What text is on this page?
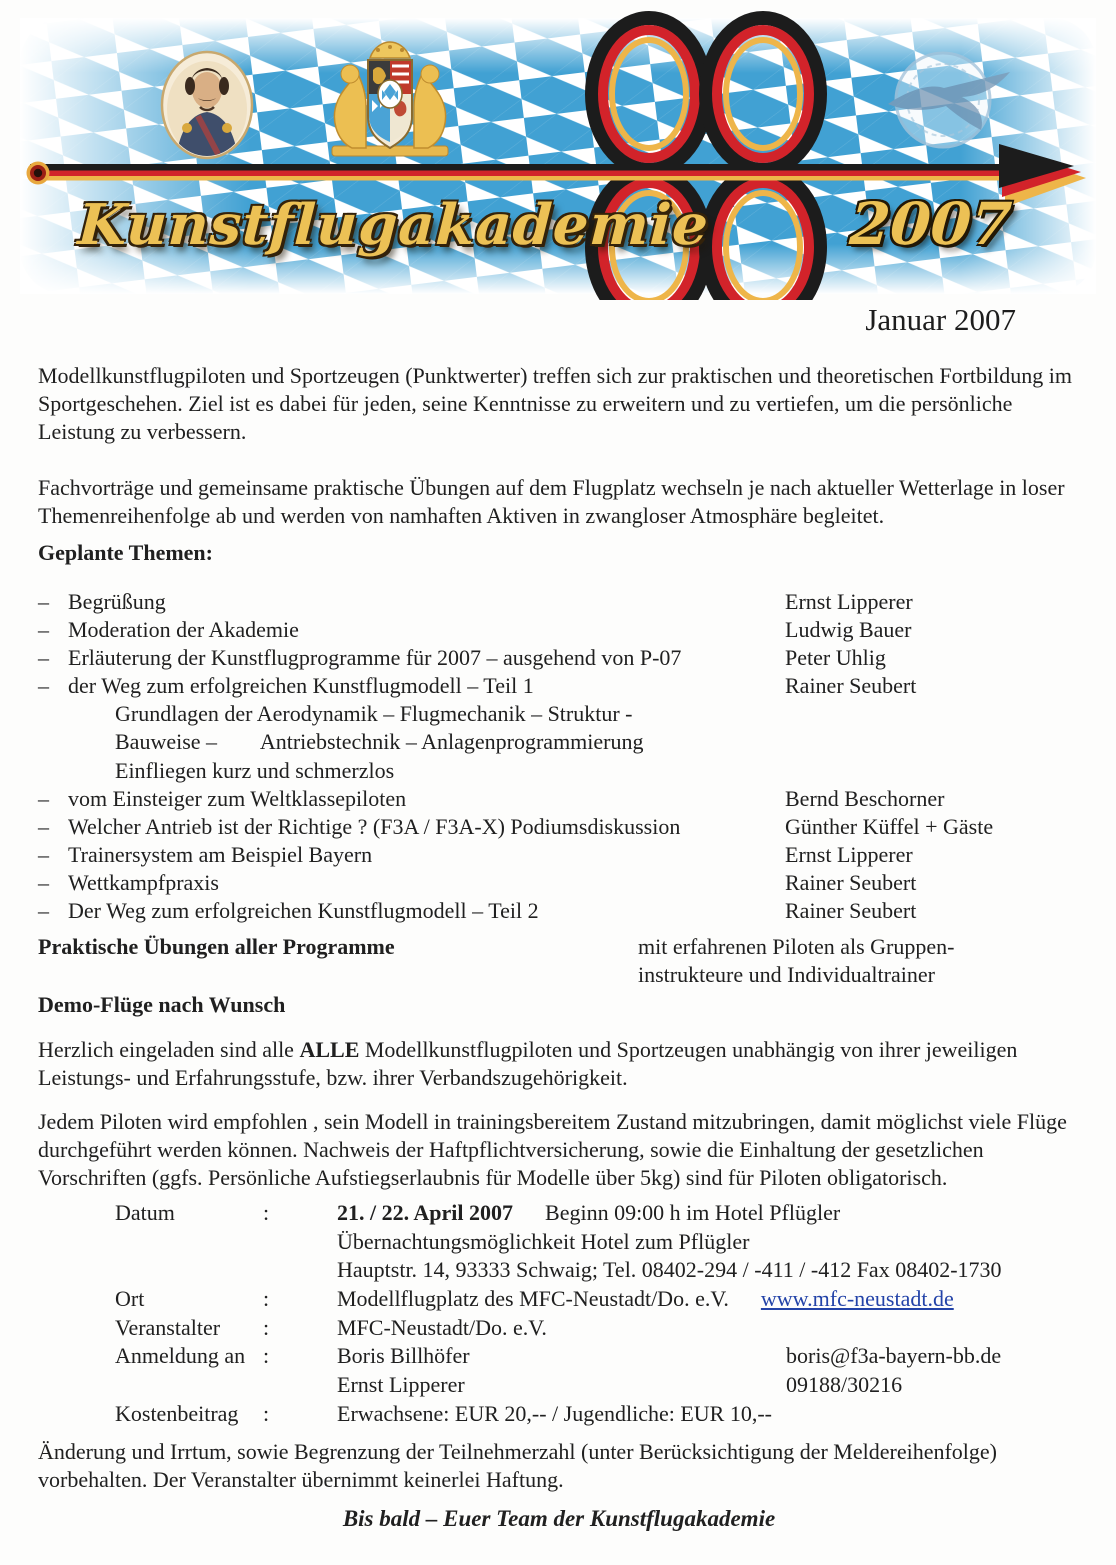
Kunstflugakademie 2007
Januar 2007

Modellkunstflugpiloten und Sportzeugen (Punktwerter) treffen sich zur praktischen und theoretischen Fortbildung im Sportgeschehen. Ziel ist es dabei für jeden, seine Kenntnisse zu erweitern und zu vertiefen, um die persönliche Leistung zu verbessern.

Fachvorträge und gemeinsame praktische Übungen auf dem Flugplatz wechseln je nach aktueller Wetterlage in loser Themenreihenfolge ab und werden von namhaften Aktiven in zwangloser Atmosphäre begleitet.

Geplante Themen:

– Begrüßung	Ernst Lipperer
– Moderation der Akademie	Ludwig Bauer
– Erläuterung der Kunstflugprogramme für 2007 – ausgehend von P-07	Peter Uhlig
– der Weg zum erfolgreichen Kunstflugmodell – Teil 1	Rainer Seubert
Grundlagen der Aerodynamik – Flugmechanik – Struktur -
Bauweise –        Antriebstechnik – Anlagenprogrammierung
Einfliegen kurz und schmerzlos
– vom Einsteiger zum Weltklassepiloten	Bernd Beschorner
– Welcher Antrieb ist der Richtige ? (F3A / F3A-X) Podiumsdiskussion	Günther Küffel + Gäste
– Trainersystem am Beispiel Bayern	Ernst Lipperer
– Wettkampfpraxis	Rainer Seubert
– Der Weg zum erfolgreichen Kunstflugmodell – Teil 2	Rainer Seubert
Praktische Übungen aller Programme	mit erfahrenen Piloten als Gruppen-
instrukteure und Individualtrainer
Demo-Flüge nach Wunsch

Herzlich eingeladen sind alle ALLE Modellkunstflugpiloten und Sportzeugen unabhängig von ihrer jeweiligen Leistungs- und Erfahrungsstufe, bzw. ihrer Verbandszugehörigkeit.

Jedem Piloten wird empfohlen , sein Modell in trainingsbereitem Zustand mitzubringen, damit möglichst viele Flüge durchgeführt werden können. Nachweis der Haftpflichtversicherung, sowie die Einhaltung der gesetzlichen Vorschriften (ggfs. Persönliche Aufstiegserlaubnis für Modelle über 5kg) sind für Piloten obligatorisch.

Datum	:	21. / 22. April 2007 Beginn 09:00 h im Hotel Pflügler
Übernachtungsmöglichkeit Hotel zum Pflügler
Hauptstr. 14, 93333 Schwaig; Tel. 08402-294 / -411 / -412 Fax 08402-1730
Ort	:	Modellflugplatz des MFC-Neustadt/Do. e.V. www.mfc-neustadt.de
Veranstalter :	MFC-Neustadt/Do. e.V.
Anmeldung an :	Boris Billhöfer	boris@f3a-bayern-bb.de
Ernst Lipperer	09188/30216
Kostenbeitrag :	Erwachsene: EUR 20,-- / Jugendliche: EUR 10,--

Änderung und Irrtum, sowie Begrenzung der Teilnehmerzahl (unter Berücksichtigung der Meldereihenfolge) vorbehalten. Der Veranstalter übernimmt keinerlei Haftung.

Bis bald – Euer Team der Kunstflugakademie
